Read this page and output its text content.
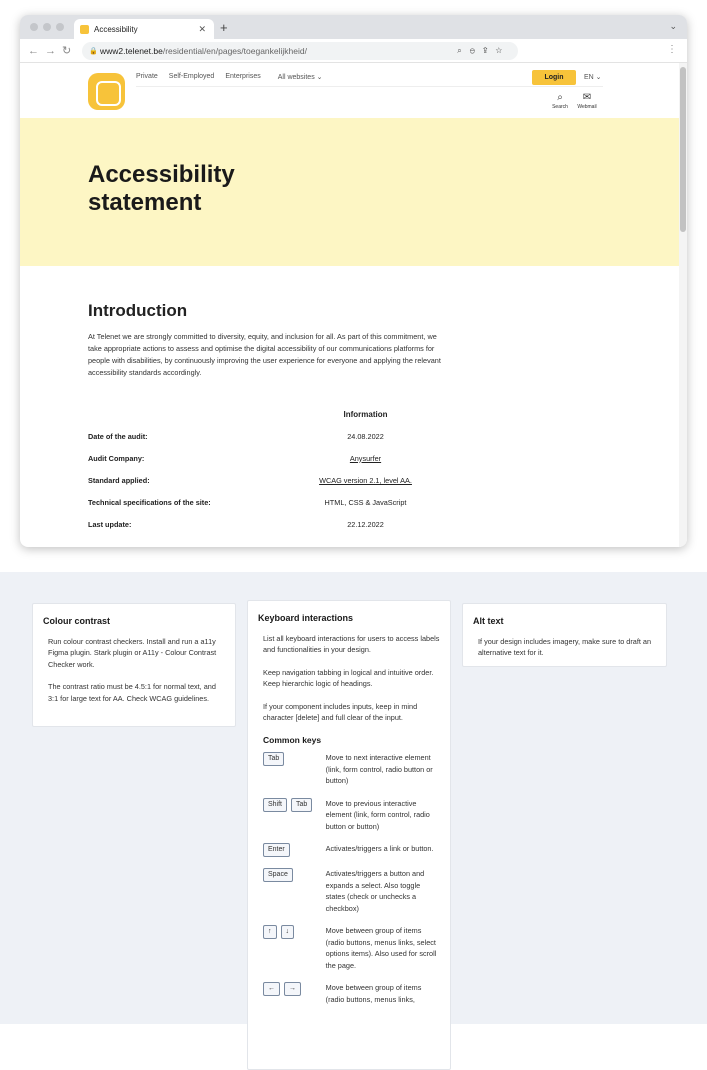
Accessibility	✕ +	⌄
←→↻ 🔒 www2.telenet.be /residential/en/pages/toegankelijkheid/	⌕⊖⇪☆	⋮
Private Self-Employed Enterprises All websites ⌄	Login	EN ⌄
⌕
Search
✉
Webmail
Accessibility
statement
Introduction
At Telenet we are strongly committed to diversity, equity, and inclusion for all. As part of this commitment, we take appropriate actions to assess and optimise the digital accessibility of our communications platforms for people with disabilities, by continuously improving the user experience for everyone and applying the relevant accessibility standards accordingly.
Information
Date of the audit:	24.08.2022
Audit Company:	Anysurfer
Standard applied:	WCAG version 2.1, level AA.
Technical specifications of the site:	HTML, CSS & JavaScript
Last update:	22.12.2022
Colour contrast

Run colour contrast checkers. Install and run a a11y Figma plugin. Stark plugin or A11y - Colour Contrast Checker work.

The contrast ratio must be 4.5:1 for normal text, and 3:1 for large text for AA. Check WCAG guidelines.

Keyboard interactions

List all keyboard interactions for users to access labels and functionalities in your design.

Keep navigation tabbing in logical and intuitive order. Keep hierarchic logic of headings.

If your component includes inputs, keep in mind character [delete] and full clear of the input.

Common keys
Tab	Move to next interactive element (link, form control, radio button or button)
Shift	Tab	Move to previous interactive element (link, form control, radio button or button)
Enter	Activates/triggers a link or button.
Space	Activates/triggers a button and expands a select. Also toggle states (check or unchecks a checkbox)
↑	↓	Move between group of items (radio buttons, menus links, select options items). Also used for scroll the page.
←	→	Move between group of items (radio buttons, menus links,
Alt text

If your design includes imagery, make sure to draft an alternative text for it.
